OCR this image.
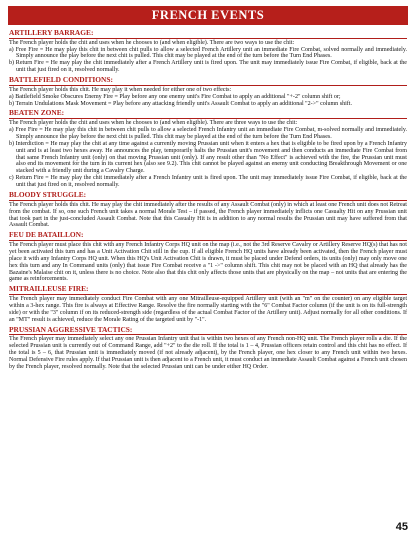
FRENCH EVENTS
ARTILLERY BARRAGE:

The French player holds the chit and uses when he chooses to (and when eligible). There are two ways to use the chit:

a) Free Fire = He may play this chit in between chit pulls to allow a selected French Artillery unit an immediate Fire Combat, solved normally and immediately. Simply announce the play before the next chit is pulled. This chit may be played at the end of the turn before the Turn End Phases.
b) Return Fire = He may play the chit immediately after a French Artillery unit is fired upon. The unit may immediately issue Fire Combat, if eligible, back at the unit that just fired on it, resolved normally.
BATTLEFIELD CONDITIONS:

The French player holds this chit. He may play it when needed for either one of two effects:

a) Battlefield Smoke Obscures Enemy Fire = Play before any one enemy unit's Fire Combat to apply an additional "+-2" column shift or;
b) Terrain Undulations Mask Movement = Play before any attacking friendly unit's Assault Combat to apply an additional "2->" column shift.
BEATEN ZONE:

The French player holds the chit and uses when he chooses to (and when eligible). There are three ways to use the chit:

a) Free Fire = He may play this chit in between chit pulls to allow a selected French Infantry unit an immediate Fire Combat, m-solved normally and immediately. Simply announce the play before the next chit is pulled. This chit may be played at the end of the turn before the Turn End Phases.
b) Interdiction = He may play the chit at any time against a currently moving Prussian unit when it enters a hex that is eligible to be fired upon by a French Infantry unit and is at least two hexes away. He announces the play, temporarily halts the Prussian unit's movement and then conducts an immediate Fire Combat from that same French Infantry unit (only) on that moving Prussian unit (only). If any result other than "No Effect" is achieved with the fire, the Prussian unit must also end its movement for the turn in its current hex (also see 9.2). This chit cannot be played against an enemy unit conducting Breakthrough Movement or one stacked with a friendly unit during a Cavalry Charge.
c) Return Fire = He may play the chit immediately after a French Infantry unit is fired upon. The unit may immediately issue Fire Combat, if eligible, back at the unit that just fired on it, resolved normally.
BLOODY STRUGGLE:

The French player holds this chit. He may play the chit immediately after the results of any Assault Combat (only) in which at least one French unit does not Retreat from the combat. If so, one such French unit takes a normal Morale Test – if passed, the French player immediately inflicts one Casualty Hit on any Prussian unit that took part in the just-concluded Assault Combat. Note that this Casualty Hit is in addition to any normal results the Prussian unit may have suffered from that Assault Combat.

FEU DE BATAILLON:

The French player must place this chit with any French Infantry Corps HQ unit on the map (i.e., not the 3rd Reserve Cavalry or Artillery Reserve HQ(s) that has not yet been activated this turn and has a Unit Activation Chit still in the cup. If all eligible French HQ units have already been activated, then the French player must place it with any Infantry Corps HQ unit. When this HQ's Unit Activation Chit is drawn, it must be placed under Defend orders, its units (only) may only move one hex this turn and any In Command units (only) that issue Fire Combat receive a "1 ->" column shift. This chit may not be placed with an HQ that already has the Bazaine's Malaise chit on it, unless there is no choice. Note also that this chit only affects those units that are physically on the map – not units that are entering the game as reinforcements.

MITRAILLEUSE FIRE:

The French player may immediately conduct Fire Combat with any one Mitrailleuse-equipped Artillery unit (with an "m" on the counter) on any eligible target within a 3-hex range. This fire is always at Effective Range. Resolve the fire normally starting with the "6" Combat Factor column (if the unit is on its full-strength side) or with the "3" column if on its reduced-strength side (regardless of the actual Combat Factor of the Artillery unit). Adjust normally for all other conditions. If an "MT" result is achieved, reduce the Morale Rating of the targeted unit by "-1".

PRUSSIAN AGGRESSIVE TACTICS:

The French player may immediately select any one Prussian Infantry unit that is within two hexes of any French non-HQ unit. The French player rolls a die. If the selected Prussian unit is currently out of Command Range, add "+2" to the die roll. If the total is 1 – 4, Prussian officers retain control and this chit has no effect. If the total is 5 – 6, that Prussian unit is immediately moved (if not already adjacent), by the French player, one hex closer to any French unit within two hexes. Normal Defensive Fire rules apply. If that Prussian unit is then adjacent to a French unit, it must conduct an immediate Assault Combat against a French unit chosen by the French player, resolved normally. Note that the selected Prussian unit can be under either HQ Order.

45
